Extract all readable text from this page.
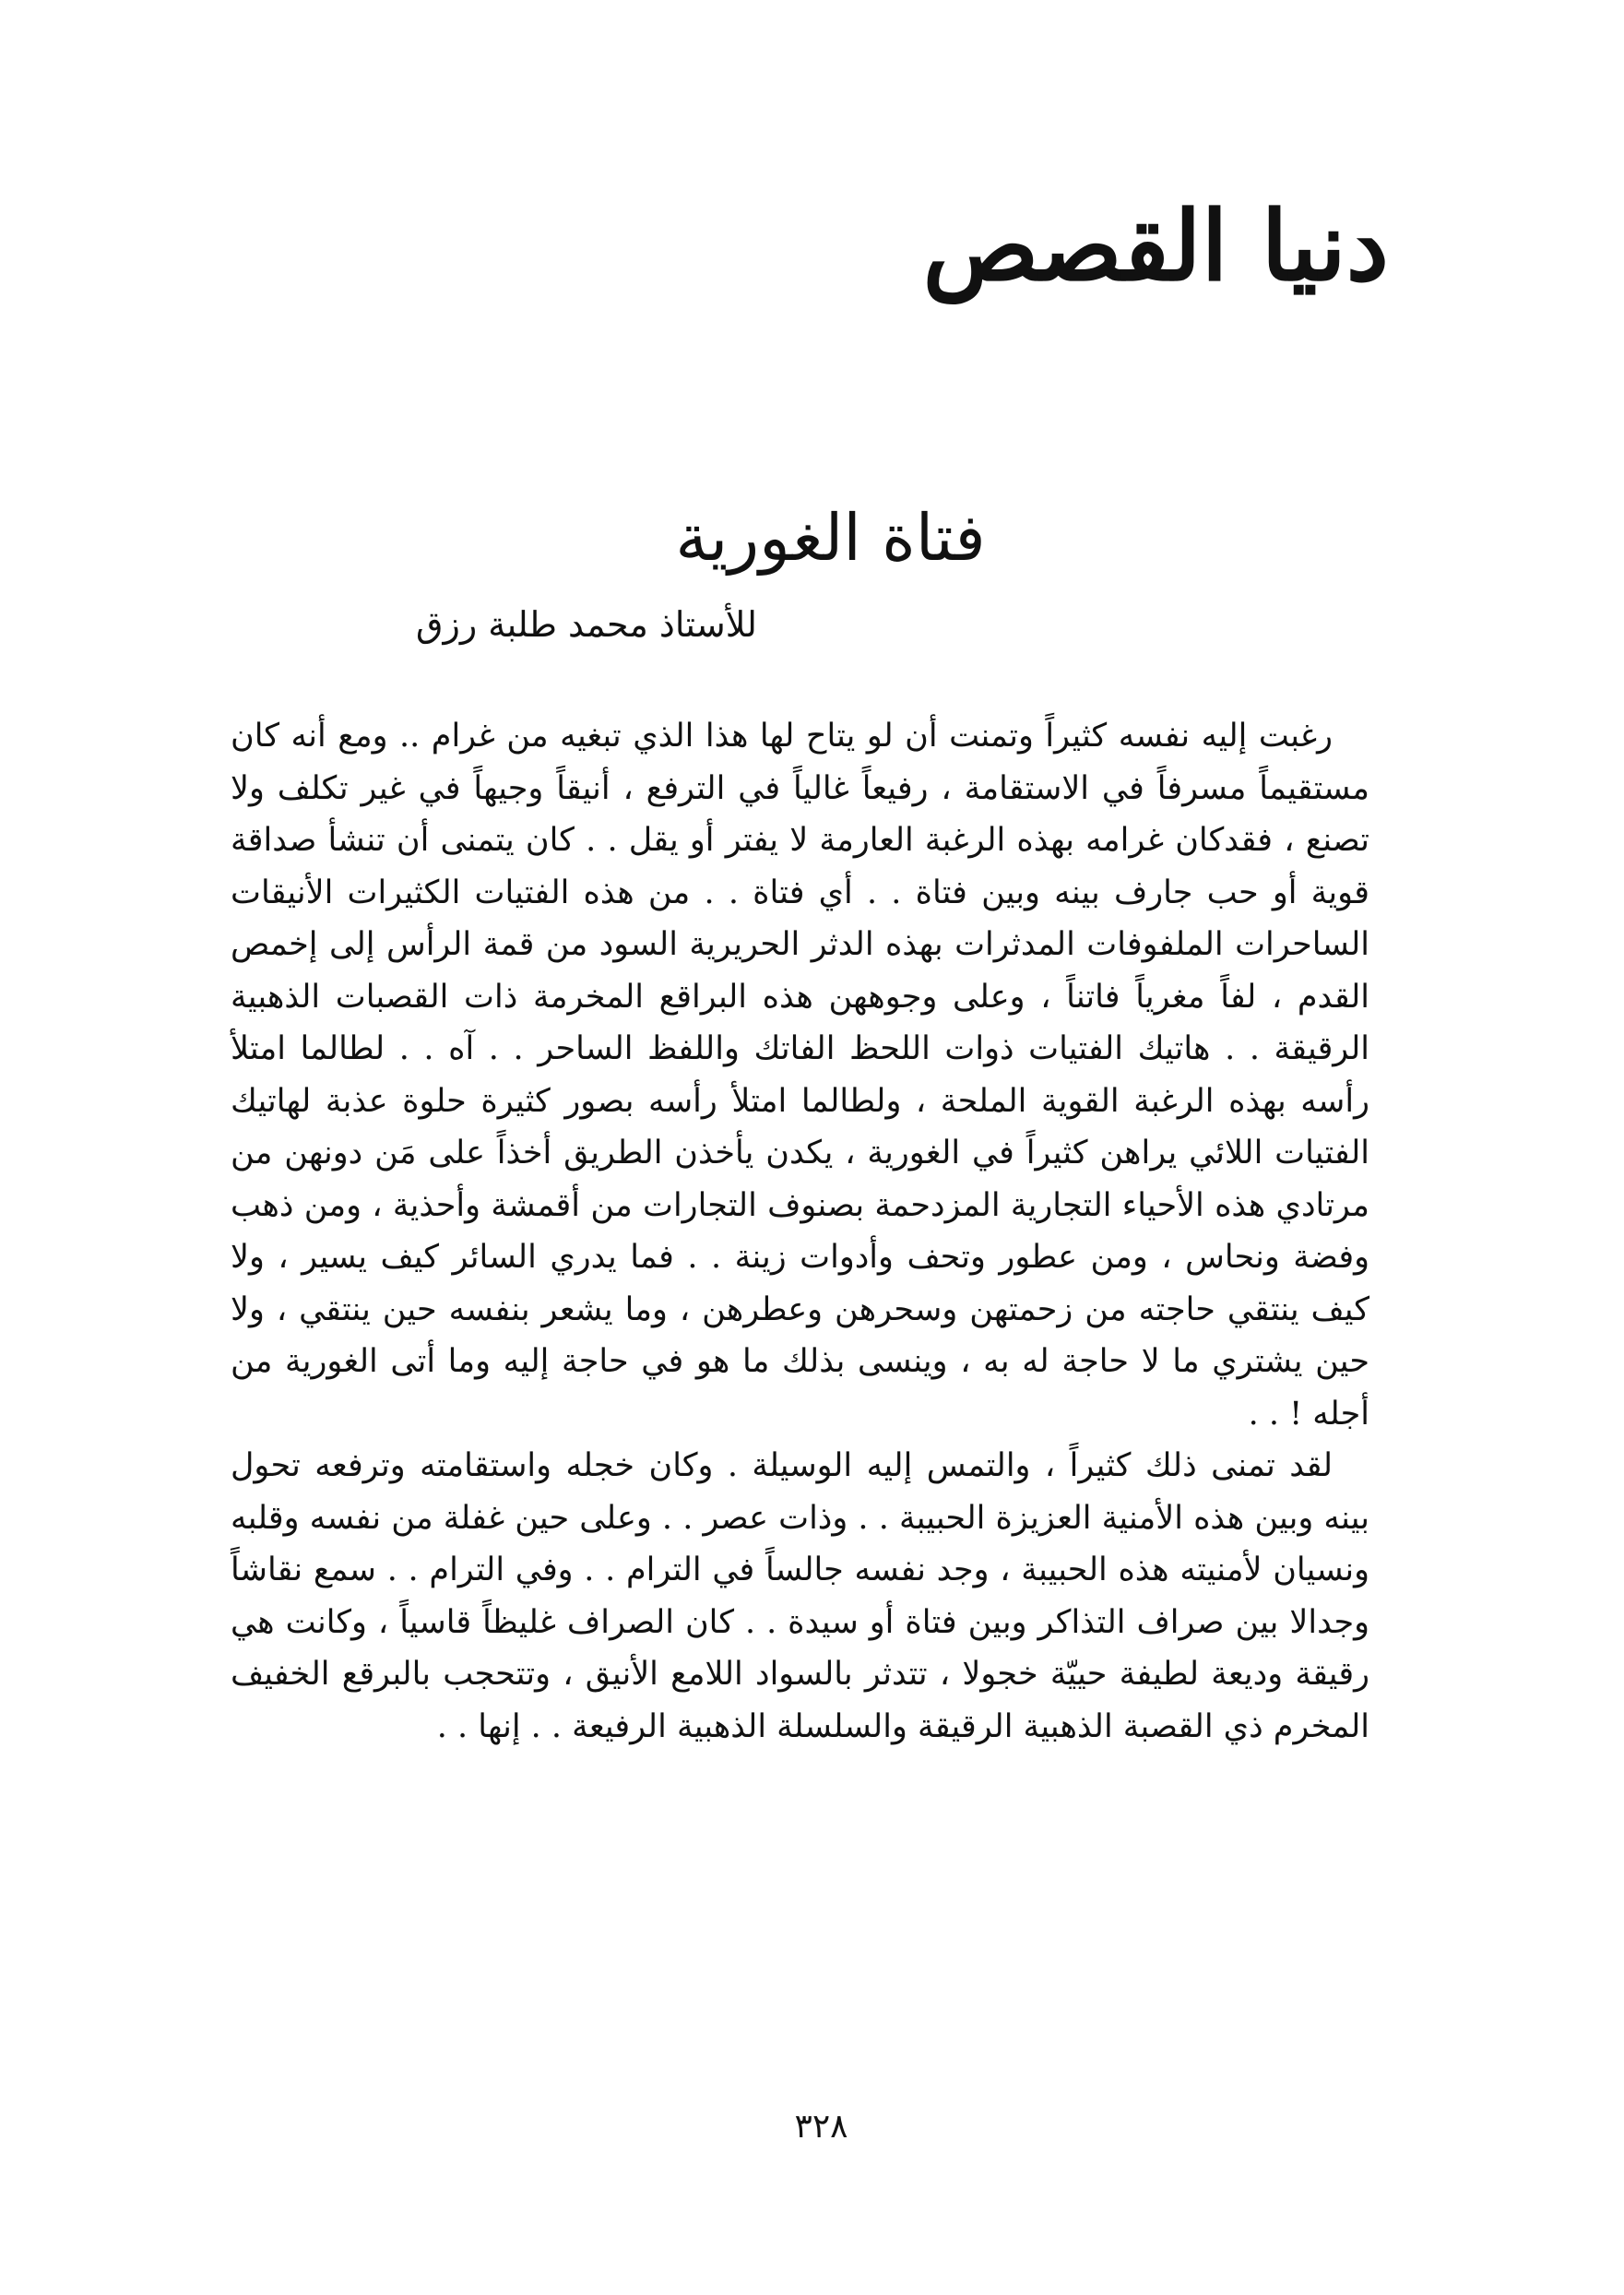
دنيا القصص
فتاة الغورية
للأستاذ محمد طلبة رزق

رغبت إليه نفسه كثيراً وتمنت أن لو يتاح لها هذا الذي تبغيه من غرام .. ومع أنه كان مستقيماً مسرفاً في الاستقامة ، رفيعاً غالياً في الترفع ، أنيقاً وجيهاً في غير تكلف ولا تصنع ، فقدكان غرامه بهذه الرغبة العارمة لا يفتر أو يقل . . كان يتمنى أن تنشأ صداقة قوية أو حب جارف بينه وبين فتاة . . أي فتاة . . من هذه الفتيات الكثيرات الأنيقات الساحرات الملفوفات المدثرات بهذه الدثر الحريرية السود من قمة الرأس إلى إخمص القدم ، لفاً مغرياً فاتناً ، وعلى وجوههن هذه البراقع المخرمة ذات القصبات الذهبية الرقيقة . . هاتيك الفتيات ذوات اللحظ الفاتك واللفظ الساحر . . آه . . لطالما امتلأ رأسه بهذه الرغبة القوية الملحة ، ولطالما امتلأ رأسه بصور كثيرة حلوة عذبة لهاتيك الفتيات اللائي يراهن كثيراً في الغورية ، يكدن يأخذن الطريق أخذاً على مَن دونهن من مرتادي هذه الأحياء التجارية المزدحمة بصنوف التجارات من أقمشة وأحذية ، ومن ذهب وفضة ونحاس ، ومن عطور وتحف وأدوات زينة . . فما يدري السائر كيف يسير ، ولا كيف ينتقي حاجته من زحمتهن وسحرهن وعطرهن ، وما يشعر بنفسه حين ينتقي ، ولا حين يشتري ما لا حاجة له به ، وينسى بذلك ما هو في حاجة إليه وما أتى الغورية من أجله ! . .

لقد تمنى ذلك كثيراً ، والتمس إليه الوسيلة . وكان خجله واستقامته وترفعه تحول بينه وبين هذه الأمنية العزيزة الحبيبة . . وذات عصر . . وعلى حين غفلة من نفسه وقلبه ونسيان لأمنيته هذه الحبيبة ، وجد نفسه جالساً في الترام . . وفي الترام . . سمع نقاشاً وجدالا بين صراف التذاكر وبين فتاة أو سيدة . . كان الصراف غليظاً قاسياً ، وكانت هي رقيقة وديعة لطيفة حييّة خجولا ، تتدثر بالسواد اللامع الأنيق ، وتتحجب بالبرقع الخفيف المخرم ذي القصبة الذهبية الرقيقة والسلسلة الذهبية الرفيعة . . إنها . .

٣٢٨
